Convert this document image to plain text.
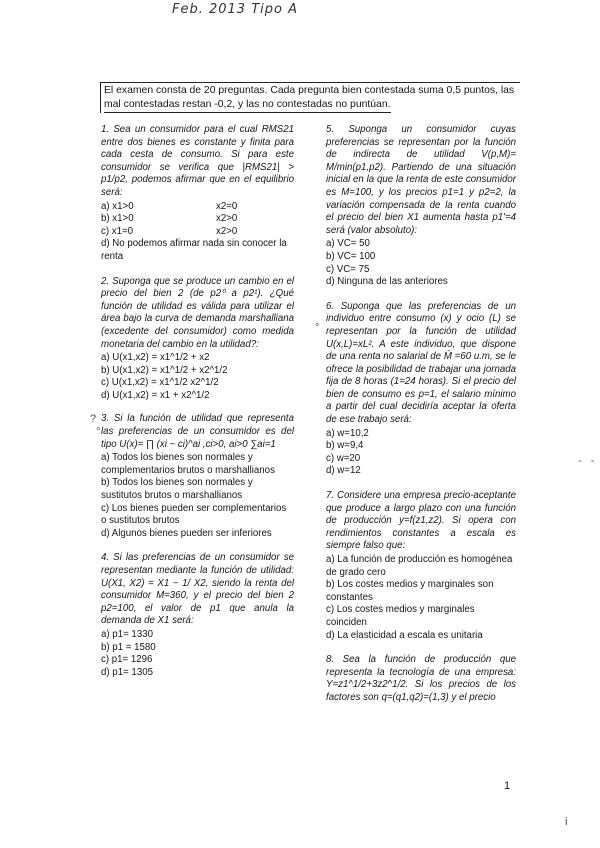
Feb. 2013 Tipo A
El examen consta de 20 preguntas. Cada pregunta bien contestada suma 0,5 puntos, las
mal contestadas restan -0,2, y las no contestadas no puntúan.
?
°
°
- -

1. Sea un consumidor para el cual RMS21 entre dos bienes es constante y finita para cada cesta de consumo. Si para este consumidor se verifica que |RMS21| > p1/p2, podemos afirmar que en el equilibrio será:

a) x1>0	x2=0

b) x1>0	x2>0

c) x1=0	x2>0

d) No podemos afirmar nada sin conocer la renta

2. Suponga que se produce un cambio en el precio del bien 2 (de p2⁰ a p2¹). ¿Qué función de utilidad es válida para utilizar el área bajo la curva de demanda marshalliana (excedente del consumidor) como medida monetaria del cambio en la utilidad?:

a) U(x1,x2) = x1^1/2 + x2

b) U(x1,x2) = x1^1/2 + x2^1/2

c) U(x1,x2) = x1^1/2 x2^1/2

d) U(x1,x2) = x1 + x2^1/2

3. Si la función de utilidad que representa las preferencias de un consumidor es del tipo U(x)= ∏ (xi − ci)^ai ,ci>0, ai>0 ∑ai=1

a) Todos los bienes son normales y complementarios brutos o marshallianos

b) Todos los bienes son normales y sustitutos brutos o marshallianos

c) Los bienes pueden ser complementarios o sustitutos brutos

d) Algunos bienes pueden ser inferiores

4. Si las preferencias de un consumidor se representan mediante la función de utilidad: U(X1, X2) = X1 − 1/ X2, siendo la renta del consumidor M=360, y el precio del bien 2 p2=100, el valor de p1 que anula la demanda de X1 será:

a) p1= 1330

b) p1 = 1580

c) p1= 1296

d) p1= 1305

5. Suponga un consumidor cuyas preferencias se representan por la función de indirecta de utilidad V(p,M)= M/min(p1,p2). Partiendo de una situación inicial en la que la renta de este consumidor es M=100, y los precios p1=1 y p2=2, la variación compensada de la renta cuando el precio del bien X1 aumenta hasta p1'=4 será (valor absoluto):

a) VC= 50

b) VC= 100

c) VC= 75

d) Ninguna de las anteriores

6. Suponga que las preferencias de un individuo entre consumo (x) y ocio (L) se representan por la función de utilidad U(x,L)=xL². A este individuo, que dispone de una renta no salarial de M̄ =60 u.m, se le ofrece la posibilidad de trabajar una jornada fija de 8 horas (1=24 horas). Si el precio del bien de consumo es p=1, el salario mínimo a partir del cual decidiría aceptar la oferta de ese trabajo será:

a) w=10,2

b) w=9,4

c) w=20

d) w=12

7. Considere una empresa precio-aceptante que produce a largo plazo con una función de producción y=f(z1,z2). Si opera con rendimientos constantes a escala es siempre falso que:

a) La función de producción es homogénea de grado cero

b) Los costes medios y marginales son constantes

c) Los costes medios y marginales coinciden

d) La elasticidad a escala es unitaria

8. Sea la función de producción que representa la tecnología de una empresa: Y=z1^1/2+3z2^1/2. Si los precios de los factores son q=(q1,q2)=(1,3) y el precio

1
i
